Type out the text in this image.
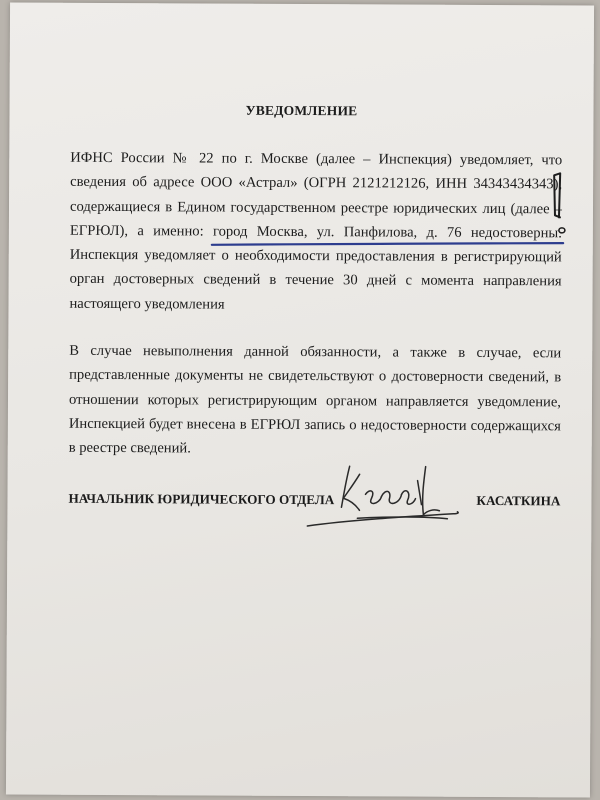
УВЕДОМЛЕНИЕ
ИФНС России № 22 по г. Москве (далее – Инспекция) уведомляет, что сведения об адресе ООО «Астрал» (ОГРН 2121212126, ИНН 34343434343), содержащиеся в Едином государственном реестре юридических лиц (далее – ЕГРЮЛ), а именно: город Москва, ул. Панфилова, д. 76 недостоверны. Инспекция уведомляет о необходимости предоставления в регистрирующий орган достоверных сведений в течение 30 дней с момента направления настоящего уведомления
В случае невыполнения данной обязанности, а также в случае, если представленные документы не свидетельствуют о достоверности сведений, в отношении которых регистрирующим органом направляется уведомление, Инспекцией будет внесена в ЕГРЮЛ запись о недостоверности содержащихся в реестре сведений.
НАЧАЛЬНИК ЮРИДИЧЕСКОГО ОТДЕЛА	КАСАТКИНА
